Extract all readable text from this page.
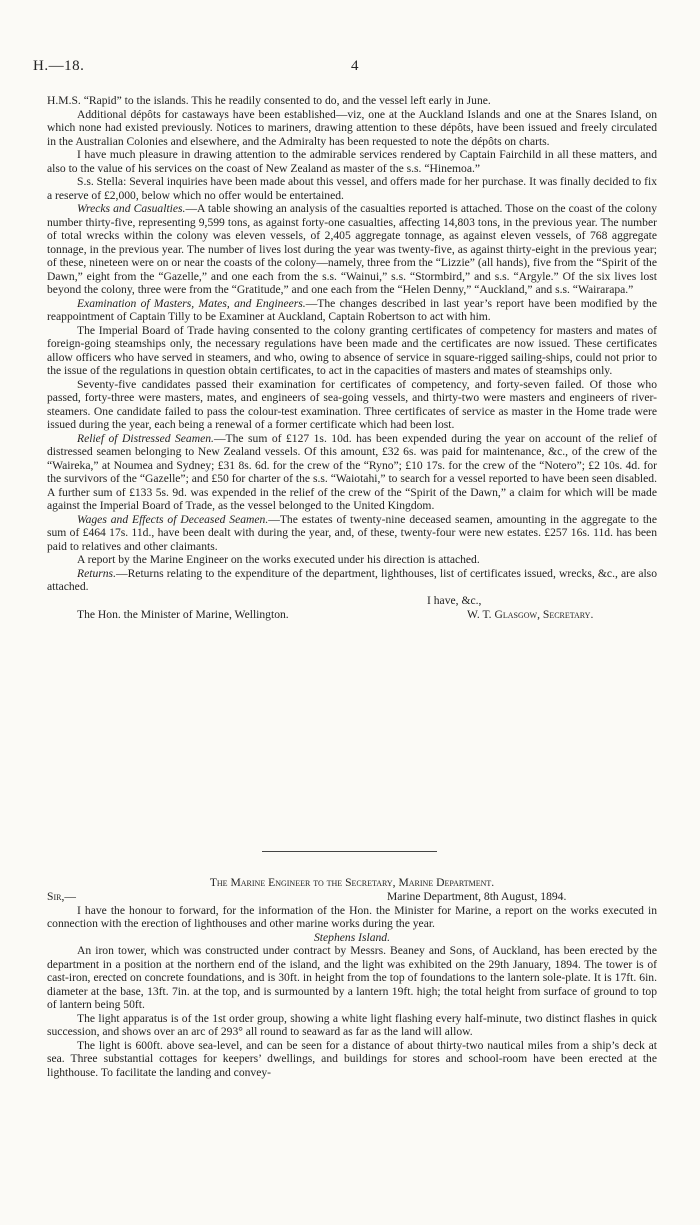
H.—18.	4

H.M.S. “Rapid” to the islands. This he readily consented to do, and the vessel left early in June.

Additional dépôts for castaways have been established—viz, one at the Auckland Islands and one at the Snares Island, on which none had existed previously. Notices to mariners, drawing attention to these dépôts, have been issued and freely circulated in the Australian Colonies and elsewhere, and the Admiralty has been requested to note the dépôts on charts.

I have much pleasure in drawing attention to the admirable services rendered by Captain Fairchild in all these matters, and also to the value of his services on the coast of New Zealand as master of the s.s. “Hinemoa.”

S.s. Stella: Several inquiries have been made about this vessel, and offers made for her purchase. It was finally decided to fix a reserve of £2,000, below which no offer would be entertained.

Wrecks and Casualties.—A table showing an analysis of the casualties reported is attached. Those on the coast of the colony number thirty-five, representing 9,599 tons, as against forty-one casualties, affecting 14,803 tons, in the previous year. The number of total wrecks within the colony was eleven vessels, of 2,405 aggregate tonnage, as against eleven vessels, of 768 aggregate tonnage, in the previous year. The number of lives lost during the year was twenty-five, as against thirty-eight in the previous year; of these, nineteen were on or near the coasts of the colony—namely, three from the “Lizzie” (all hands), five from the “Spirit of the Dawn,” eight from the “Gazelle,” and one each from the s.s. “Wainui,” s.s. “Stormbird,” and s.s. “Argyle.” Of the six lives lost beyond the colony, three were from the “Gratitude,” and one each from the “Helen Denny,” “Auckland,” and s.s. “Wairarapa.”

Examination of Masters, Mates, and Engineers.—The changes described in last year’s report have been modified by the reappointment of Captain Tilly to be Examiner at Auckland, Captain Robertson to act with him.

The Imperial Board of Trade having consented to the colony granting certificates of competency for masters and mates of foreign-going steamships only, the necessary regulations have been made and the certificates are now issued. These certificates allow officers who have served in steamers, and who, owing to absence of service in square-rigged sailing-ships, could not prior to the issue of the regulations in question obtain certificates, to act in the capacities of masters and mates of steamships only.

Seventy-five candidates passed their examination for certificates of competency, and forty-seven failed. Of those who passed, forty-three were masters, mates, and engineers of sea-going vessels, and thirty-two were masters and engineers of river-steamers. One candidate failed to pass the colour-test examination. Three certificates of service as master in the Home trade were issued during the year, each being a renewal of a former certificate which had been lost.

Relief of Distressed Seamen.—The sum of £127 1s. 10d. has been expended during the year on account of the relief of distressed seamen belonging to New Zealand vessels. Of this amount, £32 6s. was paid for maintenance, &c., of the crew of the “Waireka,” at Noumea and Sydney; £31 8s. 6d. for the crew of the “Ryno”; £10 17s. for the crew of the “Notero”; £2 10s. 4d. for the survivors of the “Gazelle”; and £50 for charter of the s.s. “Waiotahi,” to search for a vessel reported to have been seen disabled. A further sum of £133 5s. 9d. was expended in the relief of the crew of the “Spirit of the Dawn,” a claim for which will be made against the Imperial Board of Trade, as the vessel belonged to the United Kingdom.

Wages and Effects of Deceased Seamen.—The estates of twenty-nine deceased seamen, amounting in the aggregate to the sum of £464 17s. 11d., have been dealt with during the year, and, of these, twenty-four were new estates. £257 16s. 11d. has been paid to relatives and other claimants.

A report by the Marine Engineer on the works executed under his direction is attached.

Returns.—Returns relating to the expenditure of the department, lighthouses, list of certificates issued, wrecks, &c., are also attached.

I have, &c.,
The Hon. the Minister of Marine, Wellington.	W. T. Glasgow, Secretary.

The Marine Engineer to the Secretary, Marine Department.

Sir,—	Marine Department, 8th August, 1894.

I have the honour to forward, for the information of the Hon. the Minister for Marine, a report on the works executed in connection with the erection of lighthouses and other marine works during the year.

Stephens Island.

An iron tower, which was constructed under contract by Messrs. Beaney and Sons, of Auckland, has been erected by the department in a position at the northern end of the island, and the light was exhibited on the 29th January, 1894. The tower is of cast-iron, erected on concrete foundations, and is 30ft. in height from the top of foundations to the lantern sole-plate. It is 17ft. 6in. diameter at the base, 13ft. 7in. at the top, and is surmounted by a lantern 19ft. high; the total height from surface of ground to top of lantern being 50ft.

The light apparatus is of the 1st order group, showing a white light flashing every half-minute, two distinct flashes in quick succession, and shows over an arc of 293° all round to seaward as far as the land will allow.

The light is 600ft. above sea-level, and can be seen for a distance of about thirty-two nautical miles from a ship’s deck at sea. Three substantial cottages for keepers’ dwellings, and buildings for stores and school-room have been erected at the lighthouse. To facilitate the landing and convey-
